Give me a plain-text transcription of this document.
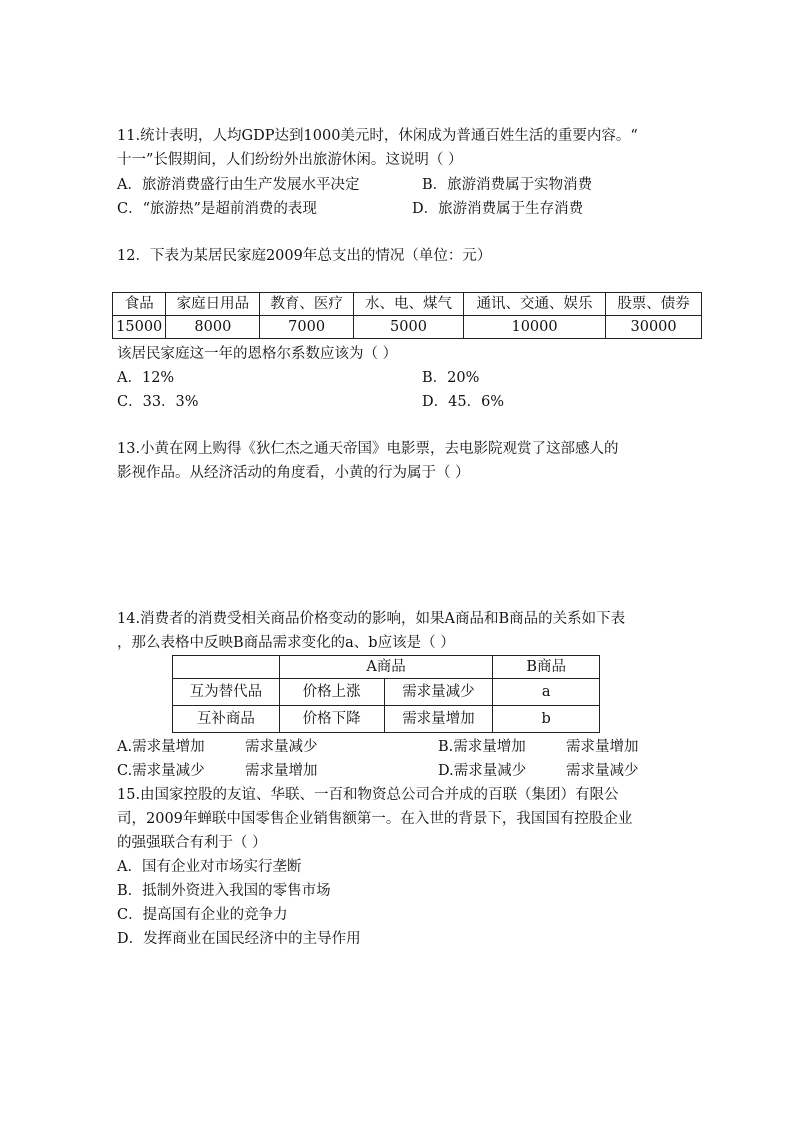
11.统计表明，人均GDP达到1000美元时，休闲成为普通百姓生活的重要内容。“
十一”长假期间，人们纷纷外出旅游休闲。这说明（ ）
A．旅游消费盛行由生产发展水平决定	B．旅游消费属于实物消费
C．“旅游热”是超前消费的表现	D．旅游消费属于生存消费
12．下表为某居民家庭2009年总支出的情况（单位：元）
食品	家庭日用品	教育、医疗	水、电、煤气	通讯、交通、娱乐	股票、债券
15000	8000	7000	5000	10000	30000
该居民家庭这一年的恩格尔系数应该为（ ）
A．12%	B．20%
C．33．3%	D．45．6%
13.小黄在网上购得《狄仁杰之通天帝国》电影票，去电影院观赏了这部感人的
影视作品。从经济活动的角度看，小黄的行为属于（ ）
14.消费者的消费受相关商品价格变动的影响，如果A商品和B商品的关系如下表
，那么表格中反映B商品需求变化的a、b应该是（ ）
	A商品		B商品
互为替代品	价格上涨	需求量减少	a
互补商品	价格下降	需求量增加	b
A.需求量增加	需求量减少	B.需求量增加	需求量增加
C.需求量减少	需求量增加	D.需求量减少	需求量减少
15.由国家控股的友谊、华联、一百和物资总公司合并成的百联（集团）有限公
司，2009年蝉联中国零售企业销售额第一。在入世的背景下，我国国有控股企业
的强强联合有利于（ ）
A．国有企业对市场实行垄断
B．抵制外资进入我国的零售市场
C．提高国有企业的竞争力
D．发挥商业在国民经济中的主导作用
